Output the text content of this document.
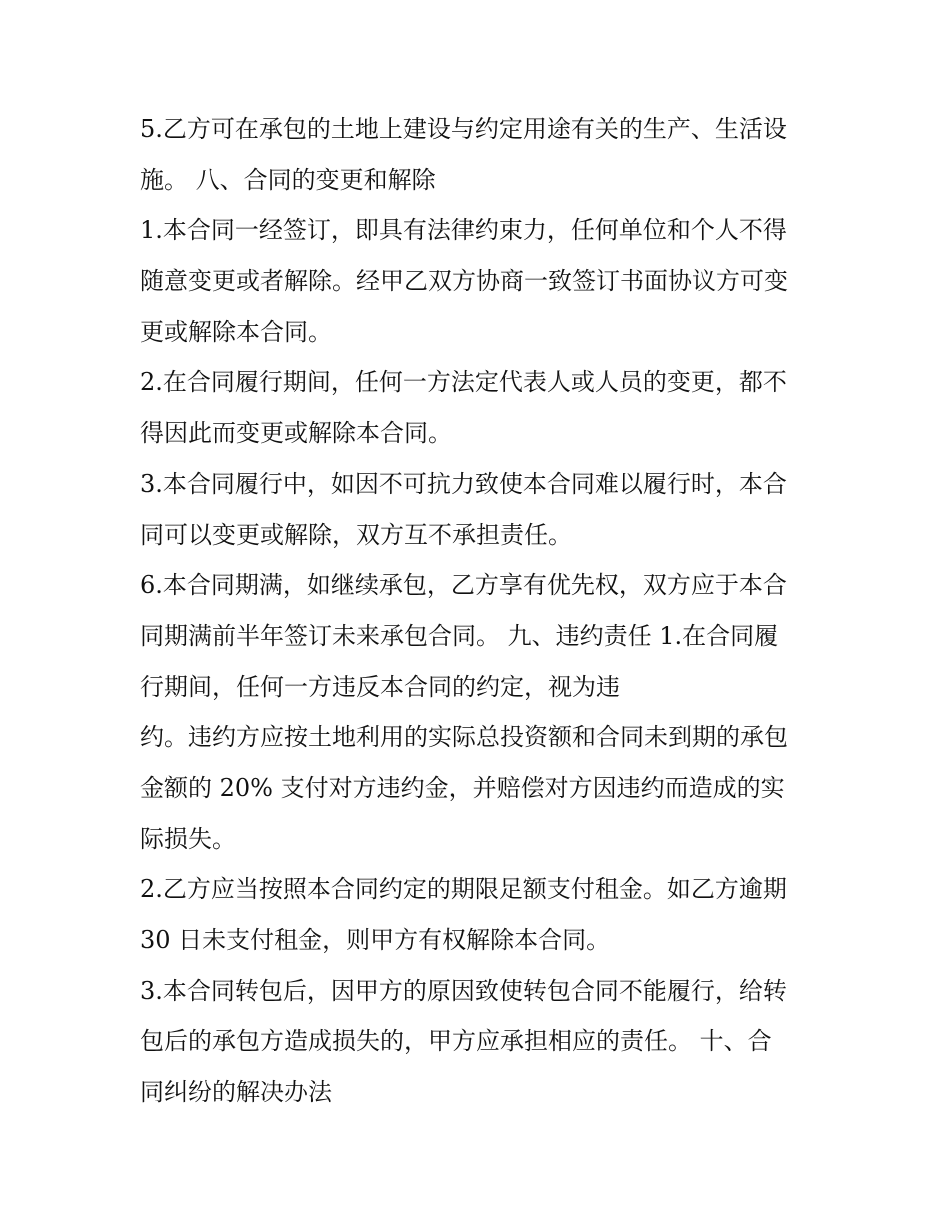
5.乙方可在承包的土地上建设与约定用途有关的生产、生活设
施。 八、合同的变更和解除
1.本合同一经签订，即具有法律约束力，任何单位和个人不得
随意变更或者解除。经甲乙双方协商一致签订书面协议方可变
更或解除本合同。
2.在合同履行期间，任何一方法定代表人或人员的变更，都不
得因此而变更或解除本合同。
3.本合同履行中，如因不可抗力致使本合同难以履行时，本合
同可以变更或解除，双方互不承担责任。
6.本合同期满，如继续承包，乙方享有优先权，双方应于本合
同期满前半年签订未来承包合同。 九、违约责任 1.在合同履
行期间，任何一方违反本合同的约定，视为违
约。违约方应按土地利用的实际总投资额和合同未到期的承包
金额的 20% 支付对方违约金，并赔偿对方因违约而造成的实
际损失。
2.乙方应当按照本合同约定的期限足额支付租金。如乙方逾期
30 日未支付租金，则甲方有权解除本合同。
3.本合同转包后，因甲方的原因致使转包合同不能履行，给转
包后的承包方造成损失的，甲方应承担相应的责任。 十、合
同纠纷的解决办法
